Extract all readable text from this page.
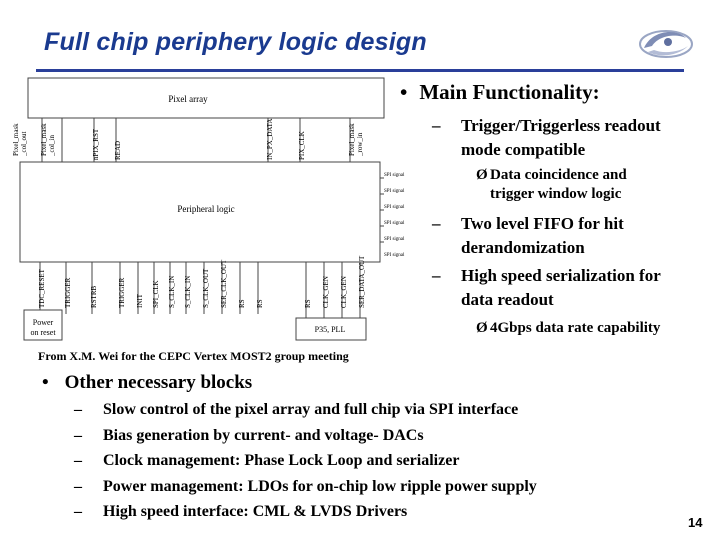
Full chip periphery logic design
Pixel array
Peripheral logic
Power
on reset	P35, PLL
Pixel_mask _col_out Pixel_mask _col_in	nPIX_RST READ	IN_PX_DATA	PIX_CLK	Pixel_mask _row_in
TDC_RESET	TRIGGER	RSTRB	TRIGGER INIT SPI_CLK S_CLK_IN S_CLK_IN S_CLK_OUT SER_CLK_OUT RS RS	RS CLK_GEN CLK_GEN SER_DATA_OUT
SPI signal
SPI signal
SPI signal
SPI signal
SPI signal
SPI signal
• Main Functionality:
–	Trigger/Triggerless readout
mode compatible
Ø Data coincidence and
trigger window logic
–	Two level FIFO for hit
derandomization
–	High speed serialization for
data readout
Ø 4Gbps data rate capability
From X.M. Wei for the CEPC Vertex MOST2 group meeting
• Other necessary blocks
– Slow control of the pixel array and full chip via SPI interface
– Bias generation by current- and voltage- DACs
– Clock management: Phase Lock Loop and serializer
– Power management: LDOs for on-chip low ripple power supply
– High speed interface: CML & LVDS Drivers
14
